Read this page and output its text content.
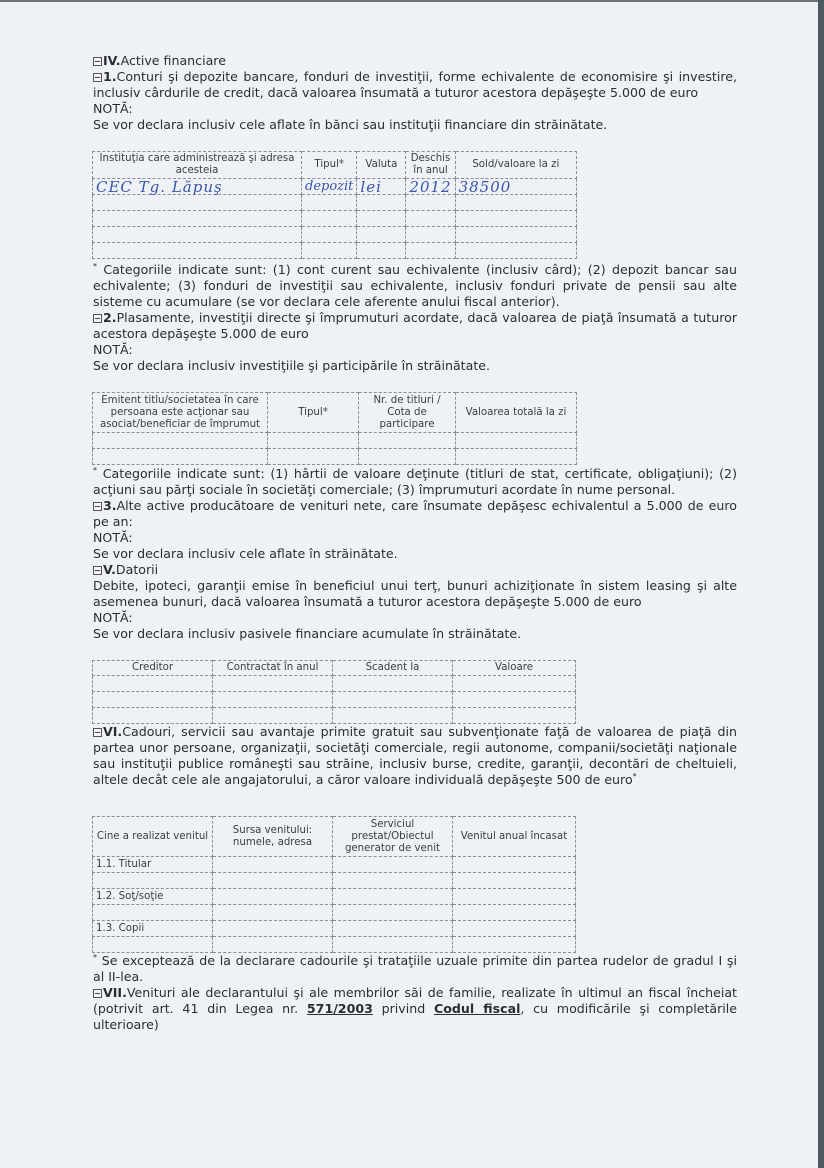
IV.Active financiare

1.Conturi şi depozite bancare, fonduri de investiţii, forme echivalente de economisire şi investire, inclusiv cârdurile de credit, dacă valoarea însumată a tuturor acestora depăşeşte 5.000 de euro

NOTĂ:

Se vor declara inclusiv cele aflate în bănci sau instituţii financiare din străinătate.

Instituţia care administrează şi adresa acesteia	Tipul*	Valuta	Deschis în anul	Sold/valoare la zi
CEC Tg. Lăpuş	depozit	lei	2012	38500

* Categoriile indicate sunt: (1) cont curent sau echivalente (inclusiv câ​rd); (2) depozit bancar sau echivalente; (3) fonduri de investiţii sau echivalente, inclusiv fonduri private de pensii sau alte sisteme cu acumulare (se vor declara cele aferente anului fiscal anterior).

2.Plasamente, investiţii directe şi împrumuturi acordate, dacă valoarea de piaţă însumată a tuturor acestora depăşeşte 5.000 de euro

NOTĂ:

Se vor declara inclusiv investiţiile şi participările în străinătate.

Emitent titlu/societatea în care persoana este acţionar sau asociat/beneficiar de împrumut	Tipul*	Nr. de titluri / Cota de participare	Valoarea totală la zi

* Categoriile indicate sunt: (1) hârtii de valoare deţinute (titluri de stat, certificate, obligaţiuni); (2) acţiuni sau părţi sociale în societăţi comerciale; (3) împrumuturi acordate în nume personal.

3.Alte active producătoare de venituri nete, care însumate depăşesc echivalentul a 5.000 de euro pe an:

NOTĂ:

Se vor declara inclusiv cele aflate în străinătate.

V.Datorii

Debite, ipoteci, garanţii emise în beneficiul unui terţ, bunuri achiziţionate în sistem leasing şi alte asemenea bunuri, dacă valoarea însumată a tuturor acestora depăşeşte 5.000 de euro

NOTĂ:

Se vor declara inclusiv pasivele financiare acumulate în străinătate.

Creditor	Contractat în anul	Scadent la	Valoare

VI.Cadouri, servicii sau avantaje primite gratuit sau subvenţionate faţă de valoarea de piaţă din partea unor persoane, organizaţii, societăţi comerciale, regii autonome, companii/societăţi naţionale sau instituţii publice româneşti sau străine, inclusiv burse, credite, garanţii, decontări de cheltuieli, altele decât cele ale angajatorului, a căror valoare individuală depăşeşte 500 de euro*

Cine a realizat venitul	Sursa venitului: numele, adresa	Serviciul prestat/Obiectul generator de venit	Venitul anual încasat
1.1. Titular			

1.2. Soţ/soţie			

1.3. Copii			

* Se exceptează de la declarare cadourile şi trataţiile uzuale primite din partea rudelor de gradul I şi al II-lea.

VII.Venituri ale declarantului şi ale membrilor săi de familie, realizate în ultimul an fiscal încheiat (potrivit art. 41 din Legea nr. 571/2003 privind Codul fiscal, cu modificările şi completările ulterioare)
